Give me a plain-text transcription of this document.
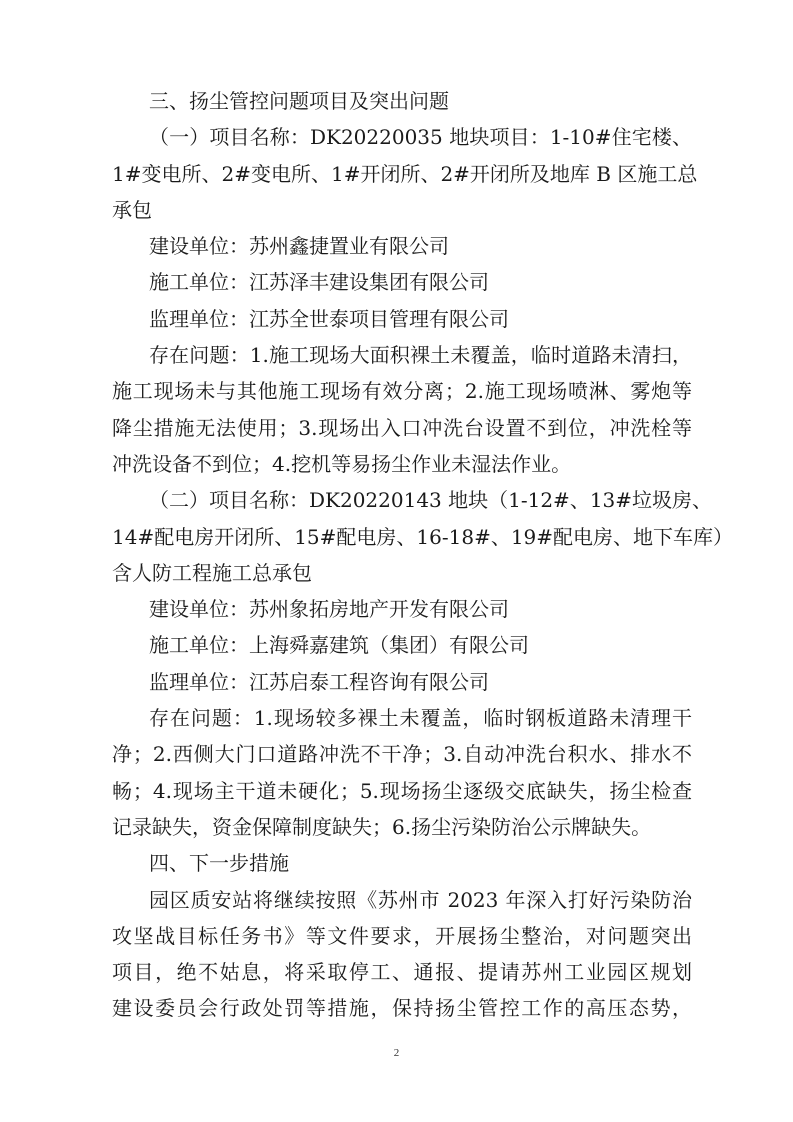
三、扬尘管控问题项目及突出问题
（一）项目名称：DK20220035 地块项目：1-10#住宅楼、
1#变电所、2#变电所、1#开闭所、2#开闭所及地库 B 区施工总
承包
建设单位：苏州鑫捷置业有限公司
施工单位：江苏泽丰建设集团有限公司
监理单位：江苏全世泰项目管理有限公司
存在问题：1.施工现场大面积裸土未覆盖，临时道路未清扫，
施工现场未与其他施工现场有效分离；2.施工现场喷淋、雾炮等
降尘措施无法使用；3.现场出入口冲洗台设置不到位，冲洗栓等
冲洗设备不到位；4.挖机等易扬尘作业未湿法作业。
（二）项目名称：DK20220143 地块（1-12#、13#垃圾房、
14#配电房开闭所、15#配电房、16-18#、19#配电房、地下车库）
含人防工程施工总承包
建设单位：苏州象拓房地产开发有限公司
施工单位：上海舜嘉建筑（集团）有限公司
监理单位：江苏启泰工程咨询有限公司
存在问题：1.现场较多裸土未覆盖，临时钢板道路未清理干
净；2.西侧大门口道路冲洗不干净；3.自动冲洗台积水、排水不
畅；4.现场主干道未硬化；5.现场扬尘逐级交底缺失，扬尘检查
记录缺失，资金保障制度缺失；6.扬尘污染防治公示牌缺失。
四、下一步措施
园区质安站将继续按照《苏州市 2023 年深入打好污染防治
攻坚战目标任务书》等文件要求，开展扬尘整治，对问题突出
项目，绝不姑息，将采取停工、通报、提请苏州工业园区规划
建设委员会行政处罚等措施，保持扬尘管控工作的高压态势，
2
